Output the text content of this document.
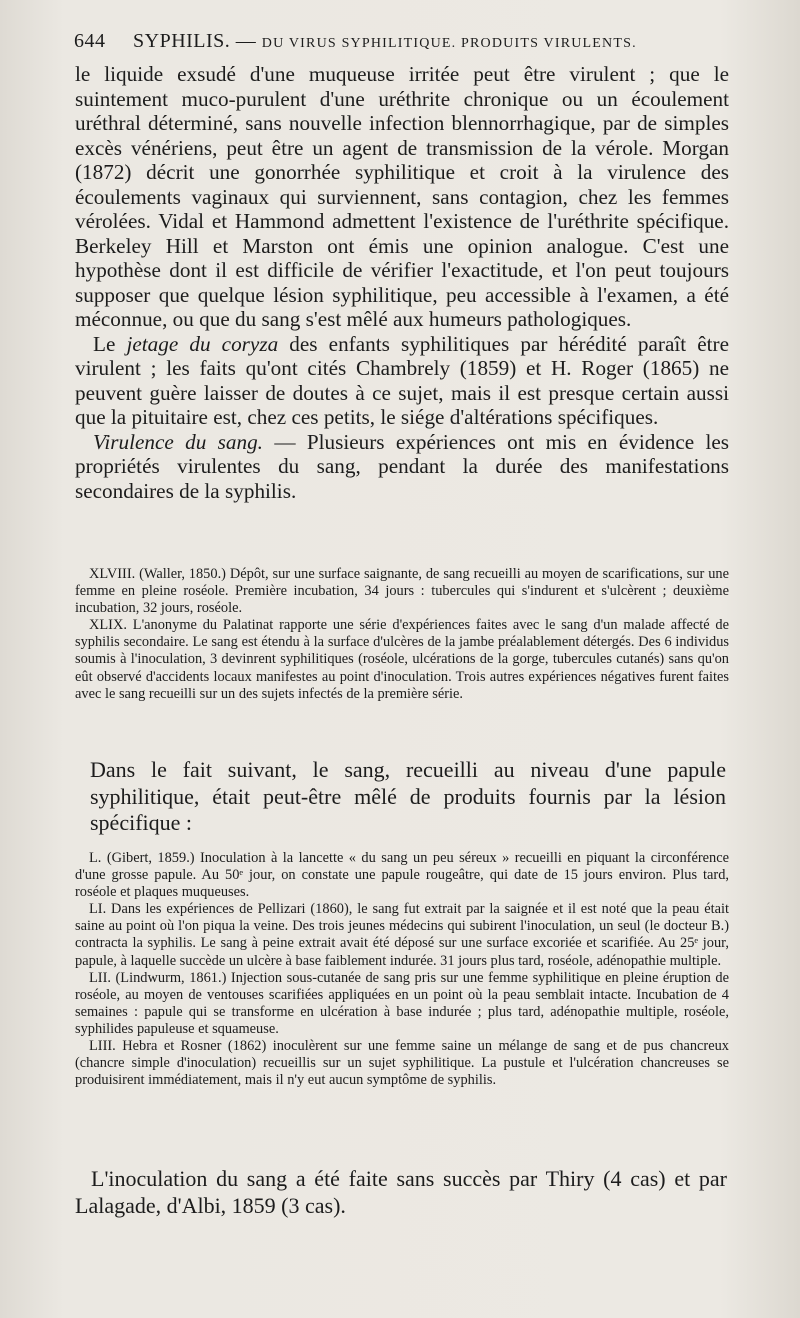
644 SYPHILIS. — DU VIRUS SYPHILITIQUE. PRODUITS VIRULENTS.

le liquide exsudé d'une muqueuse irritée peut être virulent ; que le suintement muco-purulent d'une uréthrite chronique ou un écoulement uréthral déterminé, sans nouvelle infection blennorrhagique, par de simples excès vénériens, peut être un agent de transmission de la vérole. Morgan (1872) décrit une gonorrhée syphilitique et croit à la virulence des écoulements vaginaux qui surviennent, sans contagion, chez les femmes vérolées. Vidal et Hammond admettent l'existence de l'uréthrite spécifique. Berkeley Hill et Marston ont émis une opinion analogue. C'est une hypothèse dont il est difficile de vérifier l'exactitude, et l'on peut toujours supposer que quelque lésion syphilitique, peu accessible à l'examen, a été méconnue, ou que du sang s'est mêlé aux humeurs pathologiques.

Le jetage du coryza des enfants syphilitiques par hérédité paraît être virulent ; les faits qu'ont cités Chambrely (1859) et H. Roger (1865) ne peuvent guère laisser de doutes à ce sujet, mais il est presque certain aussi que la pituitaire est, chez ces petits, le siége d'altérations spécifiques.

Virulence du sang. — Plusieurs expériences ont mis en évidence les propriétés virulentes du sang, pendant la durée des manifestations secondaires de la syphilis.

XLVIII. (Waller, 1850.) Dépôt, sur une surface saignante, de sang recueilli au moyen de scarifications, sur une femme en pleine roséole. Première incubation, 34 jours : tubercules qui s'indurent et s'ulcèrent ; deuxième incubation, 32 jours, roséole.

XLIX. L'anonyme du Palatinat rapporte une série d'expériences faites avec le sang d'un malade affecté de syphilis secondaire. Le sang est étendu à la surface d'ulcères de la jambe préalablement détergés. Des 6 individus soumis à l'inoculation, 3 devinrent syphilitiques (roséole, ulcérations de la gorge, tubercules cutanés) sans qu'on eût observé d'accidents locaux manifestes au point d'inoculation. Trois autres expériences négatives furent faites avec le sang recueilli sur un des sujets infectés de la première série.

Dans le fait suivant, le sang, recueilli au niveau d'une papule syphilitique, était peut-être mêlé de produits fournis par la lésion spécifique :

L. (Gibert, 1859.) Inoculation à la lancette « du sang un peu séreux » recueilli en piquant la circonférence d'une grosse papule. Au 50ᵉ jour, on constate une papule rougeâtre, qui date de 15 jours environ. Plus tard, roséole et plaques muqueuses.

LI. Dans les expériences de Pellizari (1860), le sang fut extrait par la saignée et il est noté que la peau était saine au point où l'on piqua la veine. Des trois jeunes médecins qui subirent l'inoculation, un seul (le docteur B.) contracta la syphilis. Le sang à peine extrait avait été déposé sur une surface excoriée et scarifiée. Au 25ᵉ jour, papule, à laquelle succède un ulcère à base faiblement indurée. 31 jours plus tard, roséole, adénopathie multiple.

LII. (Lindwurm, 1861.) Injection sous-cutanée de sang pris sur une femme syphilitique en pleine éruption de roséole, au moyen de ventouses scarifiées appliquées en un point où la peau semblait intacte. Incubation de 4 semaines : papule qui se transforme en ulcération à base indurée ; plus tard, adénopathie multiple, roséole, syphilides papuleuse et squameuse.

LIII. Hebra et Rosner (1862) inoculèrent sur une femme saine un mélange de sang et de pus chancreux (chancre simple d'inoculation) recueillis sur un sujet syphilitique. La pustule et l'ulcération chancreuses se produisirent immédiatement, mais il n'y eut aucun symptôme de syphilis.

L'inoculation du sang a été faite sans succès par Thiry (4 cas) et par Lalagade, d'Albi, 1859 (3 cas).
